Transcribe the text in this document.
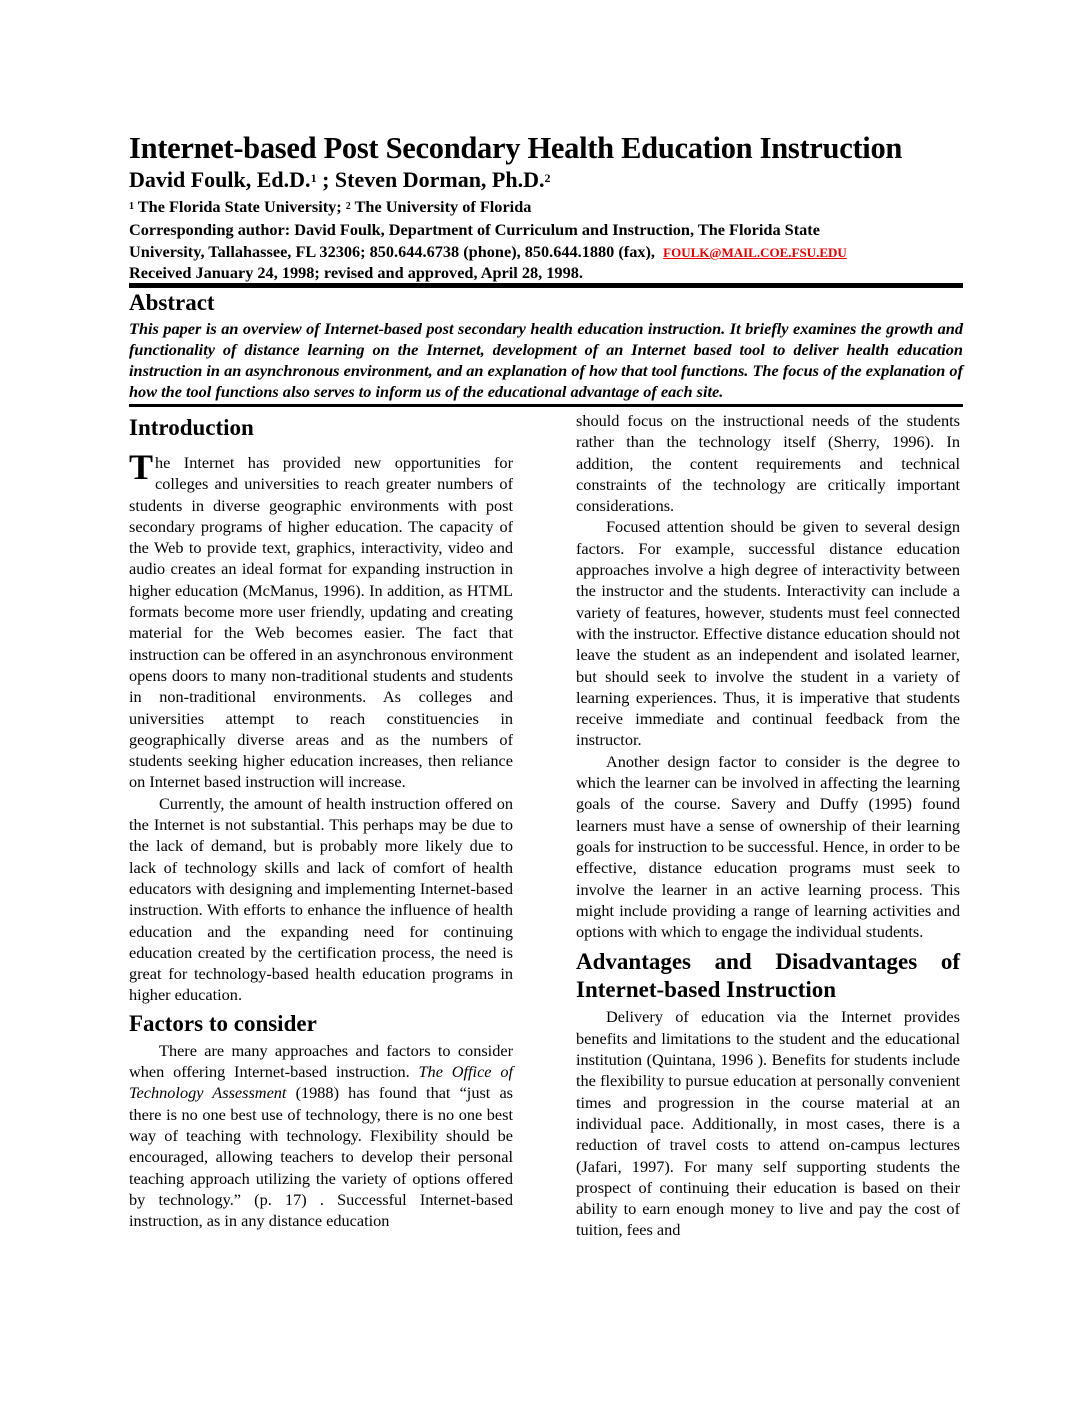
Internet-based Post Secondary Health Education Instruction
David Foulk, Ed.D.$^1$ ; Steven Dorman, Ph.D.$^2$
$^1$ The Florida State University; $^2$ The University of Florida
Corresponding author: David Foulk, Department of Curriculum and Instruction, The Florida State
University, Tallahassee, FL 32306; 850.644.6738 (phone), 850.644.1880 (fax), FOULK@MAIL.COE.FSU.EDU
Received January 24, 1998; revised and approved, April 28, 1998.
Abstract
This paper is an overview of Internet-based post secondary health education instruction. It briefly examines the growth and functionality of distance learning on the Internet, development of an Internet based tool to deliver health education instruction in an asynchronous environment, and an explanation of how that tool functions. The focus of the explanation of how the tool functions also serves to inform us of the educational advantage of each site.
Introduction

The Internet has provided new opportunities for colleges and universities to reach greater numbers of students in diverse geographic environments with post secondary programs of higher education. The capacity of the Web to provide text, graphics, interactivity, video and audio creates an ideal format for expanding instruction in higher education (McManus, 1996). In addition, as HTML formats become more user friendly, updating and creating material for the Web becomes easier. The fact that instruction can be offered in an asynchronous environment opens doors to many non-traditional students and students in non-traditional environments. As colleges and universities attempt to reach constituencies in geographically diverse areas and as the numbers of students seeking higher education increases, then reliance on Internet based instruction will increase.

Currently, the amount of health instruction offered on the Internet is not substantial. This perhaps may be due to the lack of demand, but is probably more likely due to lack of technology skills and lack of comfort of health educators with designing and implementing Internet-based instruction. With efforts to enhance the influence of health education and the expanding need for continuing education created by the certification process, the need is great for technology-based health education programs in higher education.

Factors to consider

There are many approaches and factors to consider when offering Internet-based instruction. The Office of Technology Assessment (1988) has found that “just as there is no one best use of technology, there is no one best way of teaching with technology. Flexibility should be encouraged, allowing teachers to develop their personal teaching approach utilizing the variety of options offered by technology.” (p. 17) . Successful Internet-based instruction, as in any distance education

should focus on the instructional needs of the students rather than the technology itself (Sherry, 1996). In addition, the content requirements and technical constraints of the technology are critically important considerations.

Focused attention should be given to several design factors. For example, successful distance education approaches involve a high degree of interactivity between the instructor and the students. Interactivity can include a variety of features, however, students must feel connected with the instructor. Effective distance education should not leave the student as an independent and isolated learner, but should seek to involve the student in a variety of learning experiences. Thus, it is imperative that students receive immediate and continual feedback from the instructor.

Another design factor to consider is the degree to which the learner can be involved in affecting the learning goals of the course. Savery and Duffy (1995) found learners must have a sense of ownership of their learning goals for instruction to be successful. Hence, in order to be effective, distance education programs must seek to involve the learner in an active learning process. This might include providing a range of learning activities and options with which to engage the individual students.

Advantages and Disadvantages of
Internet-based Instruction

Delivery of education via the Internet provides benefits and limitations to the student and the educational institution (Quintana, 1996 ). Benefits for students include the flexibility to pursue education at personally convenient times and progression in the course material at an individual pace. Additionally, in most cases, there is a reduction of travel costs to attend on-campus lectures (Jafari, 1997). For many self supporting students the prospect of continuing their education is based on their ability to earn enough money to live and pay the cost of tuition, fees and
